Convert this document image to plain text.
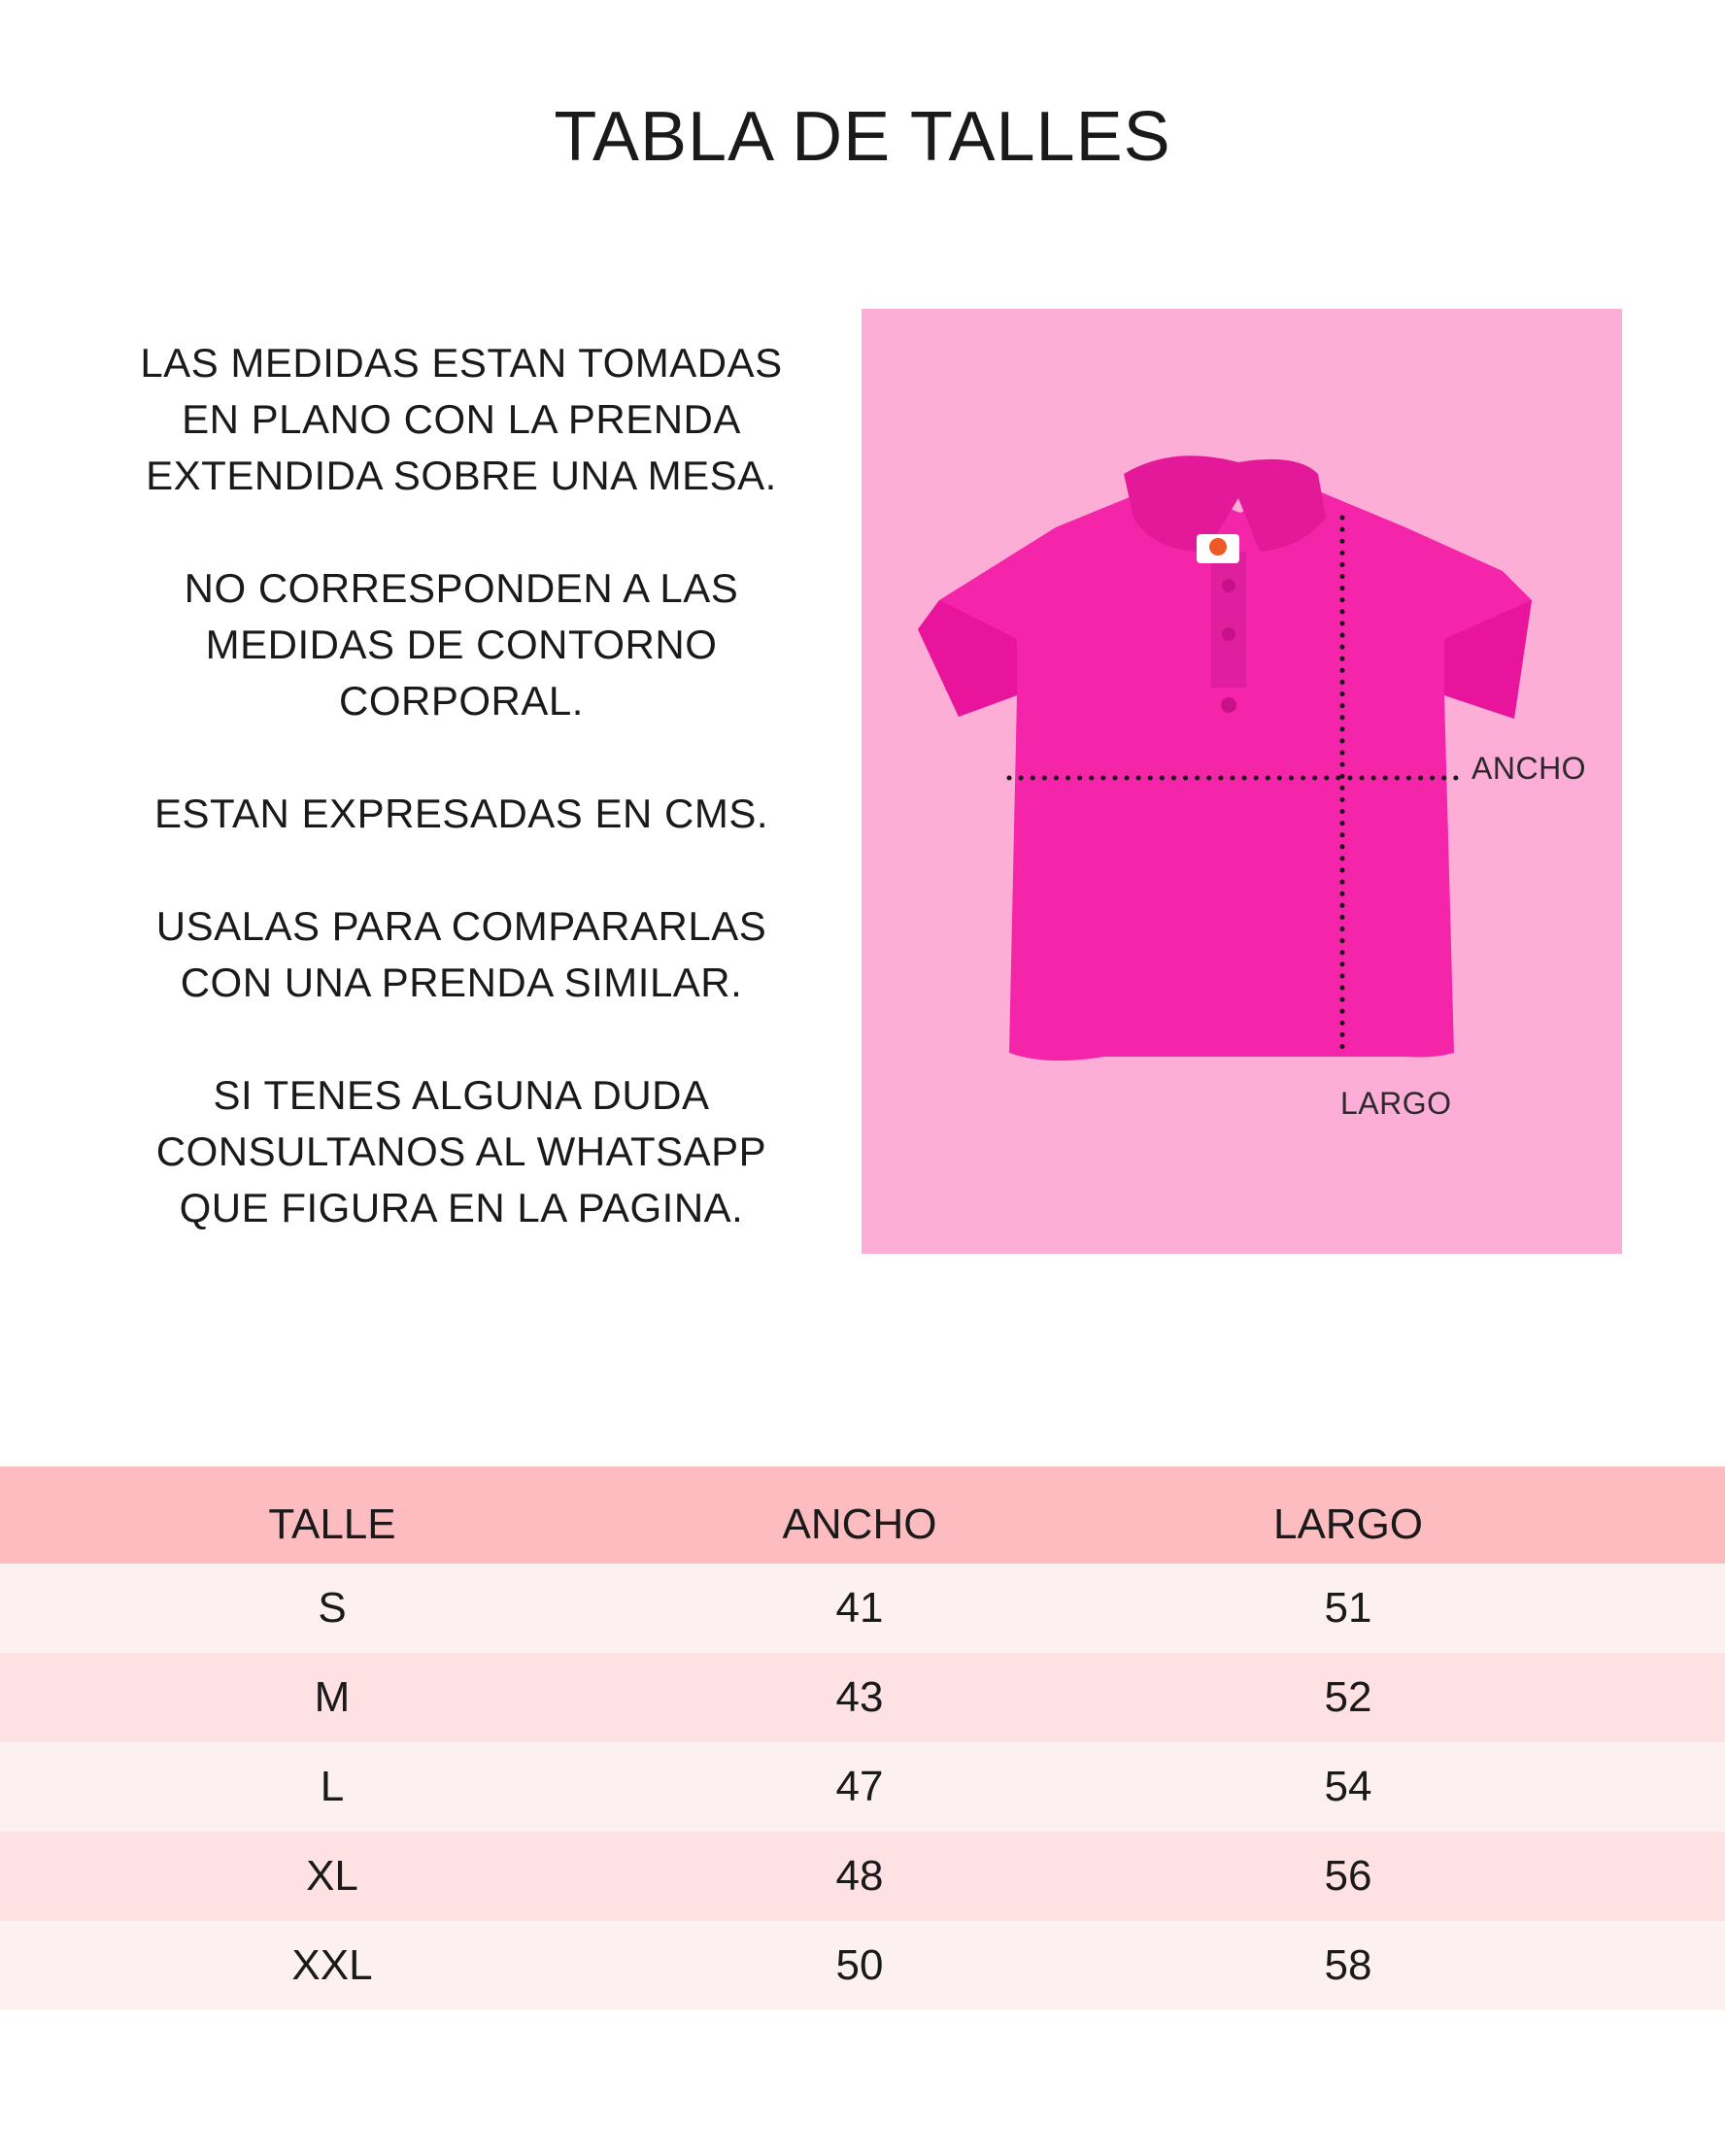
TABLA DE TALLES

LAS MEDIDAS ESTAN TOMADAS EN PLANO CON LA PRENDA EXTENDIDA SOBRE UNA MESA.

NO CORRESPONDEN A LAS MEDIDAS DE CONTORNO CORPORAL.

ESTAN EXPRESADAS EN CMS.

USALAS PARA COMPARARLAS CON UNA PRENDA SIMILAR.

SI TENES ALGUNA DUDA CONSULTANOS AL WHATSAPP QUE FIGURA EN LA PAGINA.

ANCHO
LARGO
TALLE	ANCHO	LARGO
S	41	51
M	43	52
L	47	54
XL	48	56
XXL	50	58
